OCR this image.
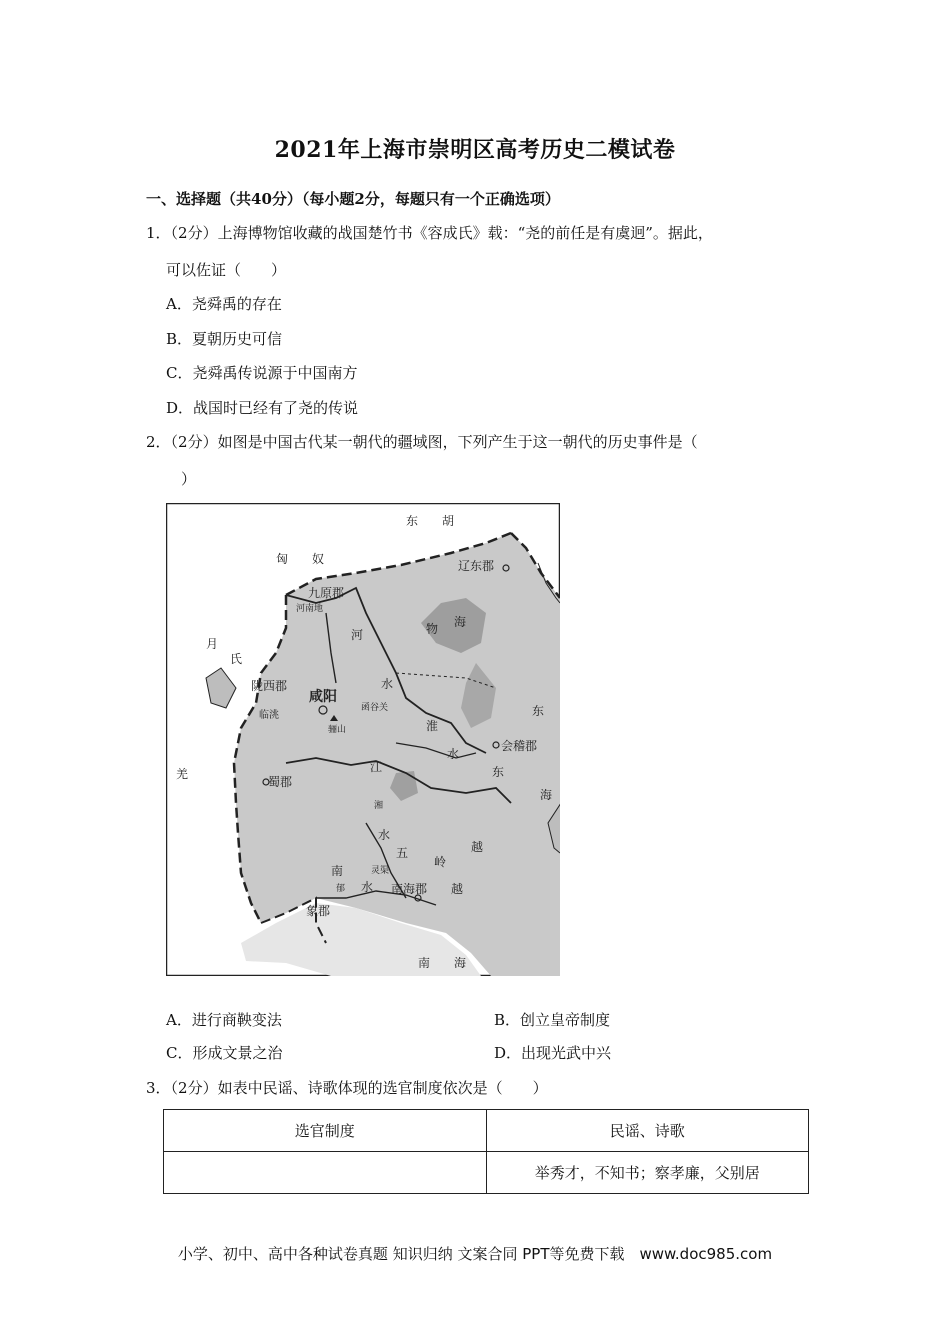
2021年上海市崇明区高考历史二模试卷
一、选择题（共40分）（每小题2分，每题只有一个正确选项）
1．（2分）上海博物馆收藏的战国楚竹书《容成氏》载：“尧的前任是有虞迥”。据此，
可以佐证（　　）
A．尧舜禹的存在
B．夏朝历史可信
C．尧舜禹传说源于中国南方
D．战国时已经有了尧的传说
2．（2分）如图是中国古代某一朝代的疆域图，下列产生于这一朝代的历史事件是（
）
东　　胡
匈　　奴	辽东郡
九原郡
河南地
河	物 海
月
氏
陇西郡
临洮
咸阳
水
函谷关
骊山	淮
水
会稽郡
东
海
羌
蜀郡
江	东
湘
水
五
岭
越
灵渠
南
郁 水 南海郡 越
象郡
南　　海
A．进行商鞅变法	B．创立皇帝制度
C．形成文景之治	D．出现光武中兴
3．（2分）如表中民谣、诗歌体现的选官制度依次是（　　）
选官制度	民谣、诗歌
	举秀才，不知书；察孝廉，父别居
小学、初中、高中各种试卷真题 知识归纳 文案合同 PPT等免费下载　www.doc985.com
